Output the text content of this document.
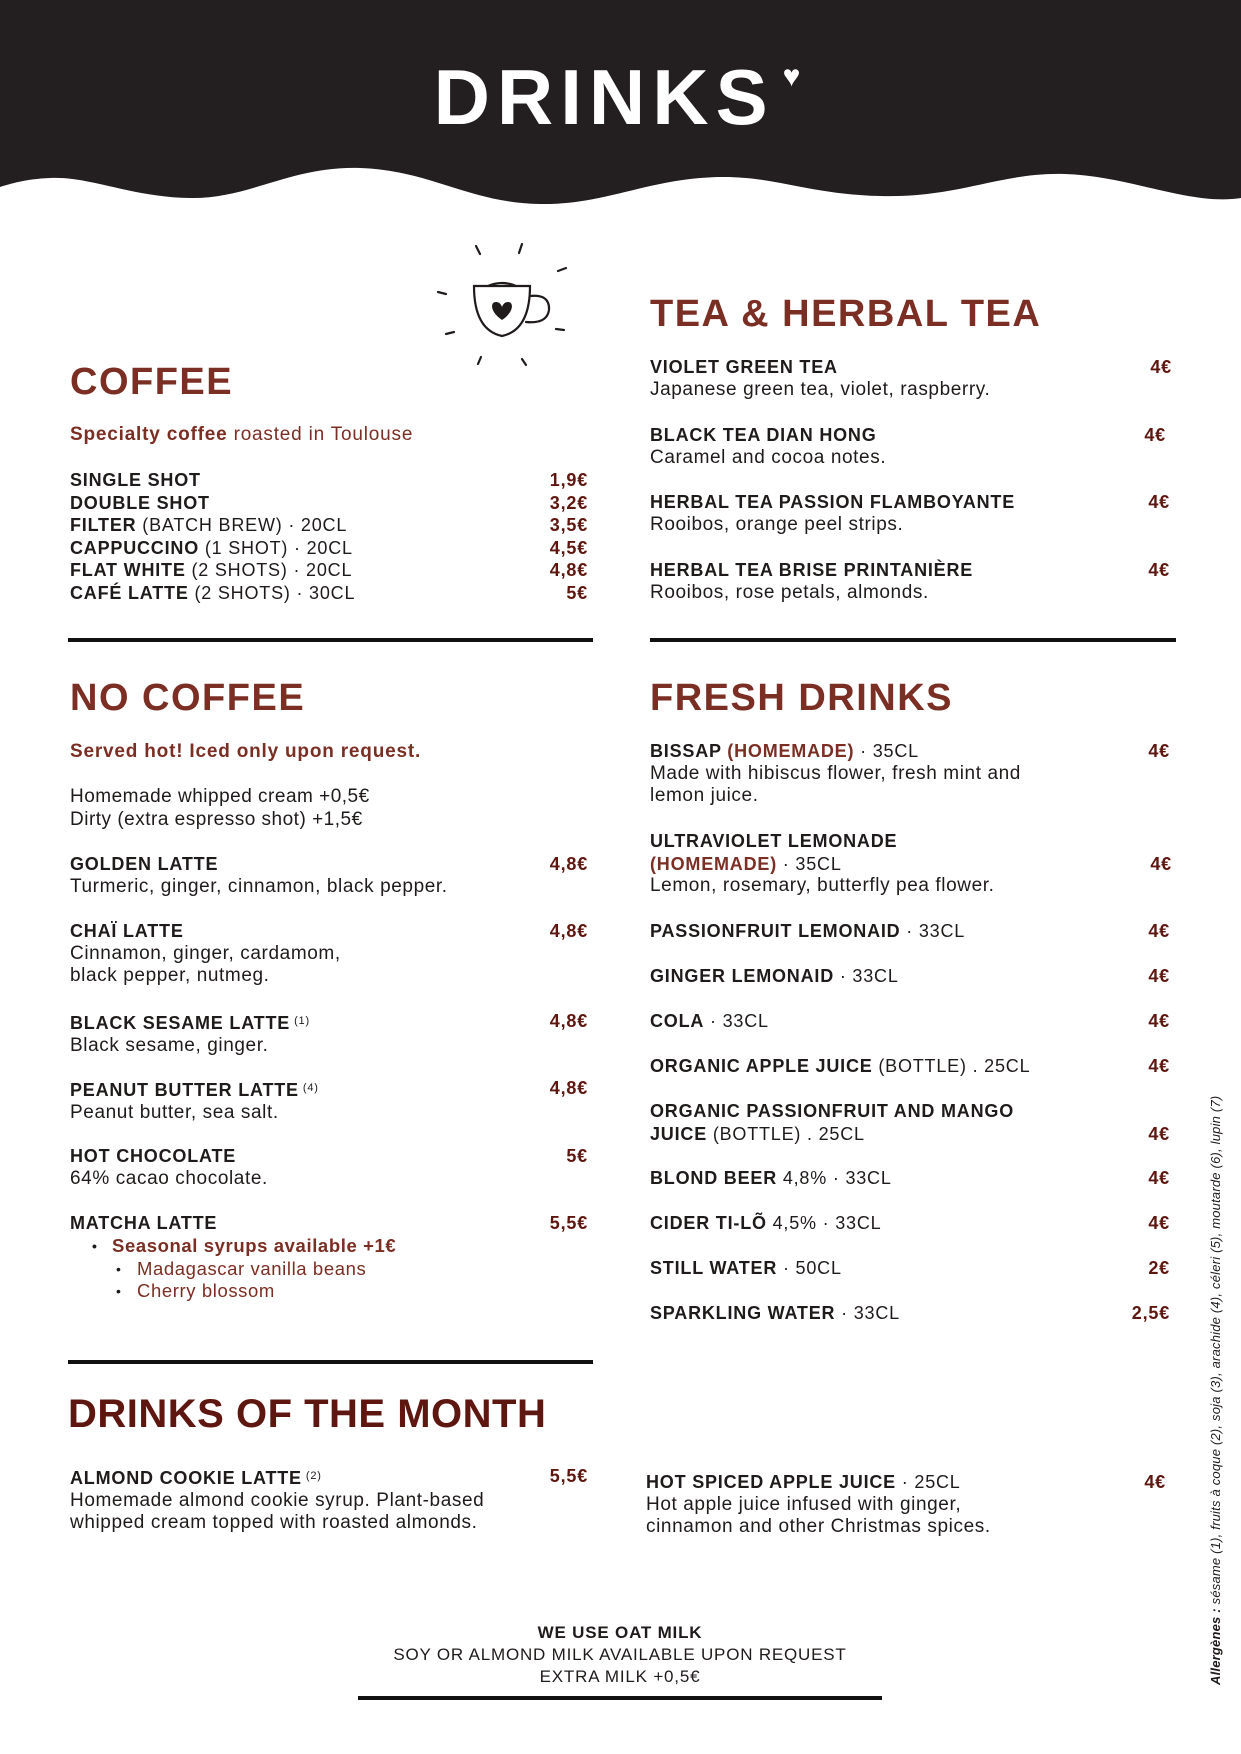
DRINKS ♥
COFFEE
Specialty coffee roasted in Toulouse
SINGLE SHOT	1,9€
DOUBLE SHOT	3,2€
FILTER (BATCH BREW) · 20CL	3,5€
CAPPUCCINO (1 SHOT) · 20CL	4,5€
FLAT WHITE (2 SHOTS) · 20CL	4,8€
CAFÉ LATTE (2 SHOTS) · 30CL	5€
TEA & HERBAL TEA
VIOLET GREEN TEA	4€
Japanese green tea, violet, raspberry.
BLACK TEA DIAN HONG	4€
Caramel and cocoa notes.
HERBAL TEA PASSION FLAMBOYANTE	4€
Rooibos, orange peel strips.
HERBAL TEA BRISE PRINTANIÈRE	4€
Rooibos, rose petals, almonds.
NO COFFEE
Served hot! Iced only upon request.
Homemade whipped cream +0,5€
Dirty (extra espresso shot) +1,5€
GOLDEN LATTE	4,8€
Turmeric, ginger, cinnamon, black pepper.
CHAÏ LATTE	4,8€
Cinnamon, ginger, cardamom,
black pepper, nutmeg.
BLACK SESAME LATTE $^{(1)}$	4,8€
Black sesame, ginger.
PEANUT BUTTER LATTE $^{(4)}$	4,8€
Peanut butter, sea salt.
HOT CHOCOLATE	5€
64% cacao chocolate.
MATCHA LATTE	5,5€
• Seasonal syrups available +1€
• Madagascar vanilla beans
• Cherry blossom
FRESH DRINKS
BISSAP (HOMEMADE) · 35CL	4€
Made with hibiscus flower, fresh mint and
lemon juice.
ULTRAVIOLET LEMONADE
(HOMEMADE) · 35CL	4€
Lemon, rosemary, butterfly pea flower.
PASSIONFRUIT LEMONAID · 33CL	4€
GINGER LEMONAID · 33CL	4€
COLA · 33CL	4€
ORGANIC APPLE JUICE (BOTTLE) . 25CL	4€
ORGANIC PASSIONFRUIT AND MANGO
JUICE (BOTTLE) . 25CL	4€
BLOND BEER 4,8% · 33CL	4€
CIDER TI-LÕ 4,5% · 33CL	4€
STILL WATER · 50CL	2€
SPARKLING WATER · 33CL	2,5€
DRINKS OF THE MONTH
ALMOND COOKIE LATTE $^{(2)}$	5,5€
Homemade almond cookie syrup. Plant-based
whipped cream topped with roasted almonds.
HOT SPICED APPLE JUICE · 25CL	4€
Hot apple juice infused with ginger,
cinnamon and other Christmas spices.
WE USE OAT MILK
SOY OR ALMOND MILK AVAILABLE UPON REQUEST
EXTRA MILK +0,5€	Allergènes : sésame (1), fruits à coque (2), soja (3), arachide (4), céleri (5), moutarde (6), lupin (7)
